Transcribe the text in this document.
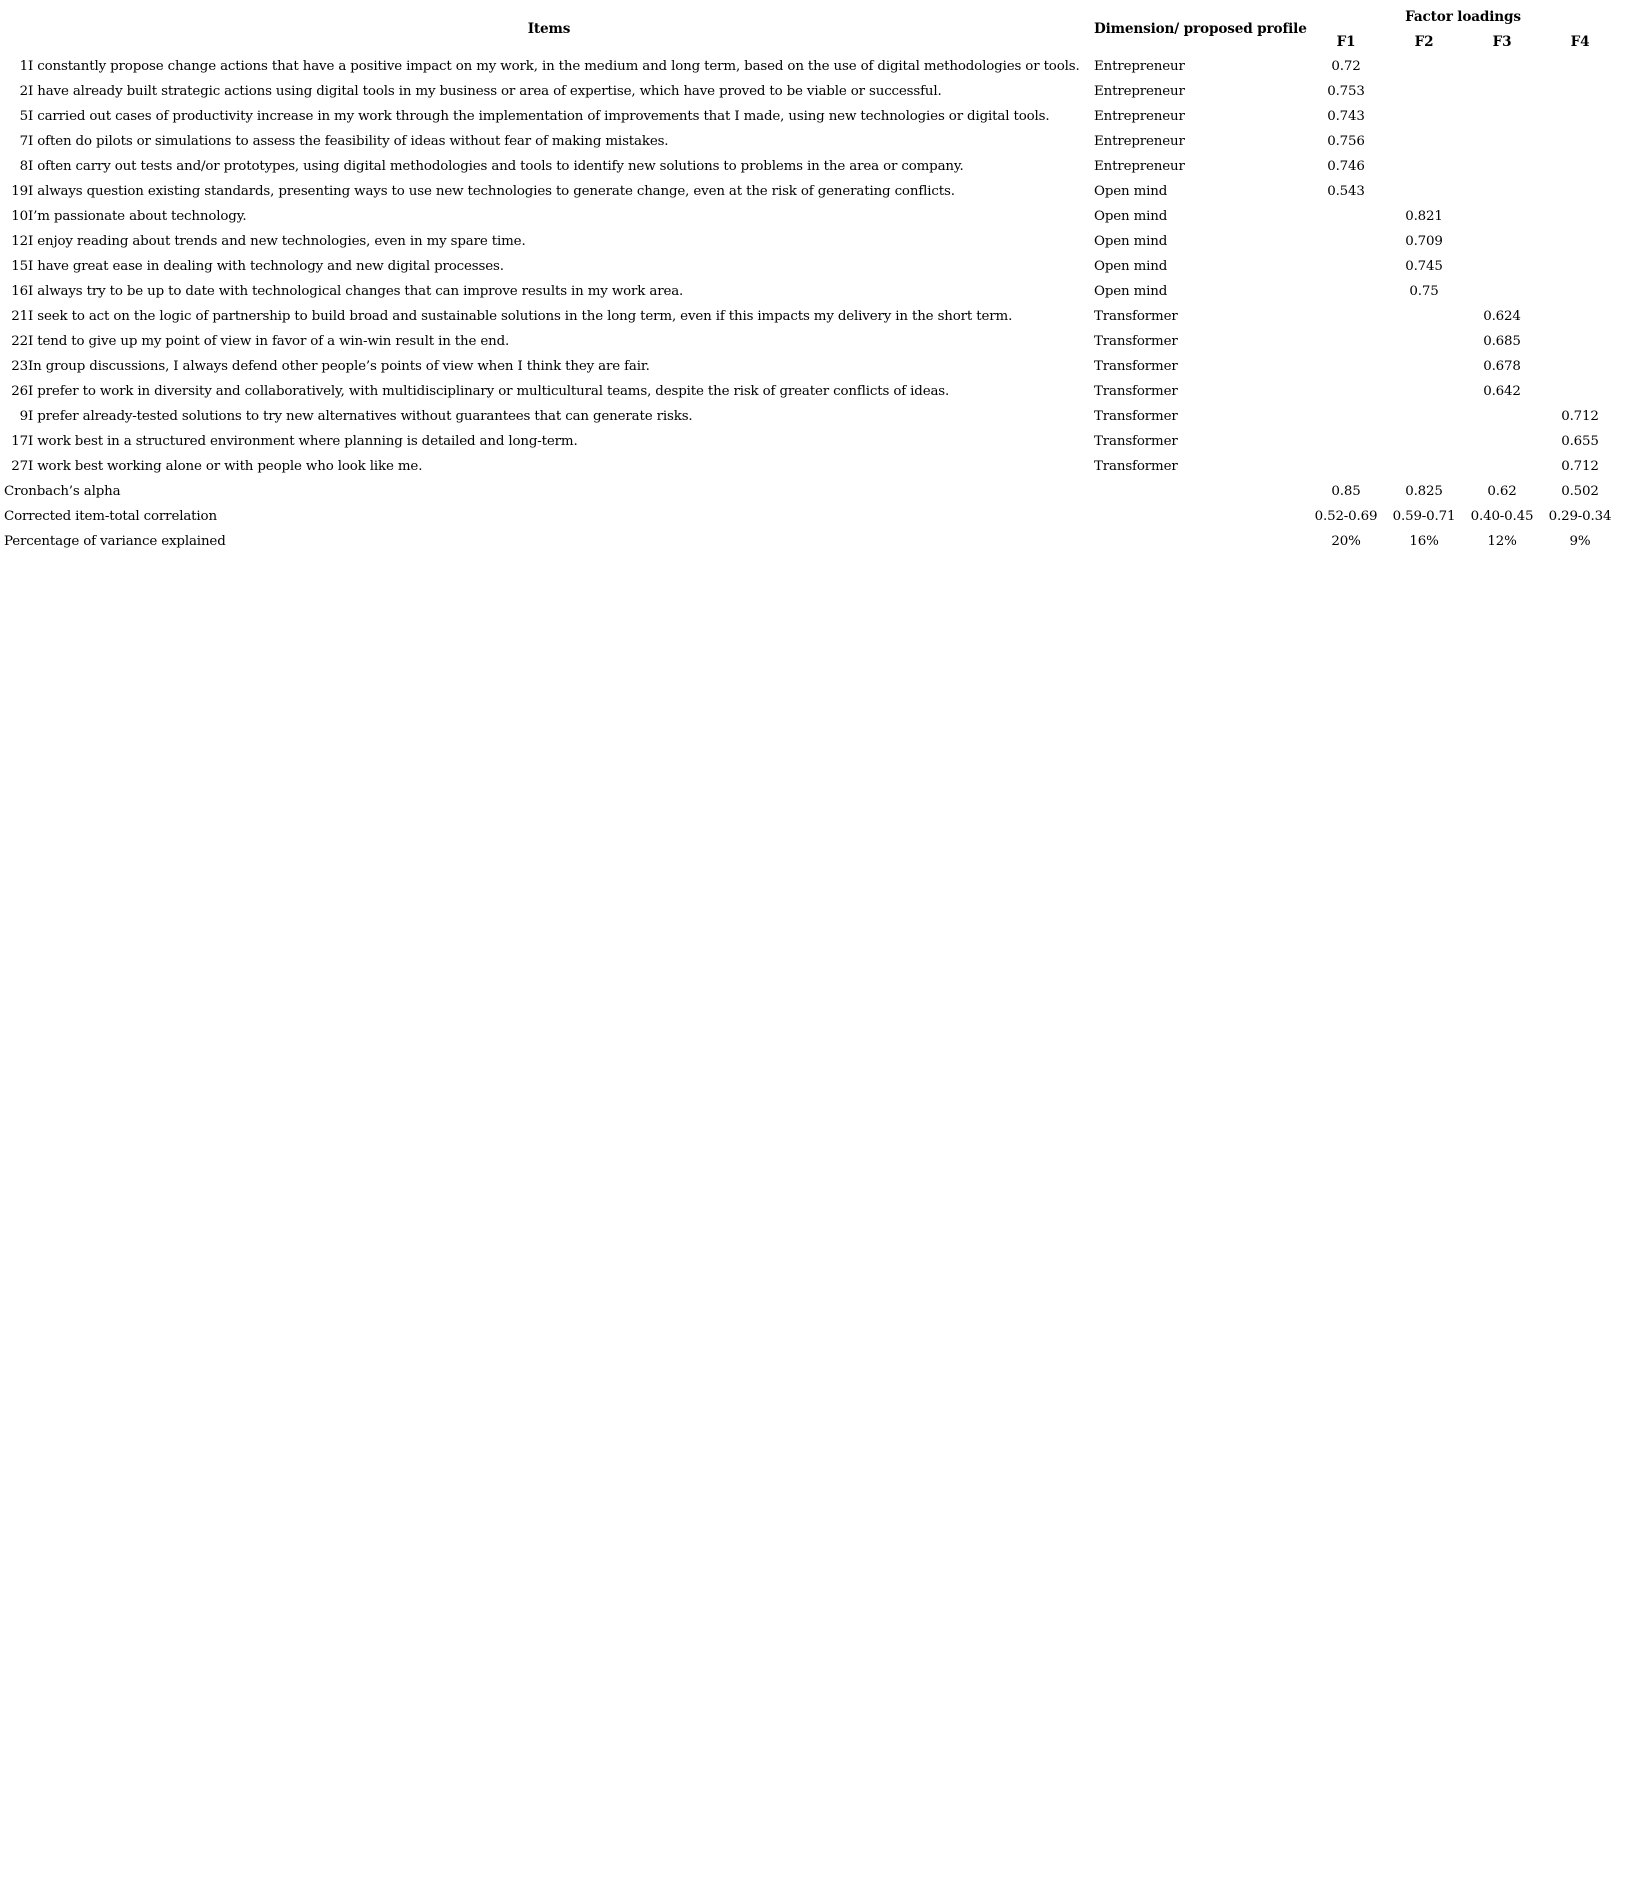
Items		Dimension/ proposed profile	Factor loadings			
			F1	F2	F3	F4
1	I constantly propose change actions that have a positive impact on my work, in the medium and long term, based on the use of digital methodologies or tools.	Entrepreneur	0.72			
2	I have already built strategic actions using digital tools in my business or area of expertise, which have proved to be viable or successful.	Entrepreneur	0.753			
5	I carried out cases of productivity increase in my work through the implementation of improvements that I made, using new technologies or digital tools.	Entrepreneur	0.743			
7	I often do pilots or simulations to assess the feasibility of ideas without fear of making mistakes.	Entrepreneur	0.756			
8	I often carry out tests and/or prototypes, using digital methodologies and tools to identify new solutions to problems in the area or company.	Entrepreneur	0.746			
19	I always question existing standards, presenting ways to use new technologies to generate change, even at the risk of generating conflicts.	Open mind	0.543			
10	I’m passionate about technology.	Open mind		0.821		
12	I enjoy reading about trends and new technologies, even in my spare time.	Open mind		0.709		
15	I have great ease in dealing with technology and new digital processes.	Open mind		0.745		
16	I always try to be up to date with technological changes that can improve results in my work area.	Open mind		0.75		
21	I seek to act on the logic of partnership to build broad and sustainable solutions in the long term, even if this impacts my delivery in the short term.	Transformer			0.624	
22	I tend to give up my point of view in favor of a win-win result in the end.	Transformer			0.685	
23	In group discussions, I always defend other people’s points of view when I think they are fair.	Transformer			0.678	
26	I prefer to work in diversity and collaboratively, with multidisciplinary or multicultural teams, despite the risk of greater conflicts of ideas.	Transformer			0.642	
9	I prefer already-tested solutions to try new alternatives without guarantees that can generate risks.	Transformer				0.712
17	I work best in a structured environment where planning is detailed and long-term.	Transformer				0.655
27	I work best working alone or with people who look like me.	Transformer				0.712
Cronbach’s alpha			0.85	0.825	0.62	0.502
Corrected item-total correlation			0.52-0.69	0.59-0.71	0.40-0.45	0.29-0.34
Percentage of variance explained			20%	16%	12%	9%
